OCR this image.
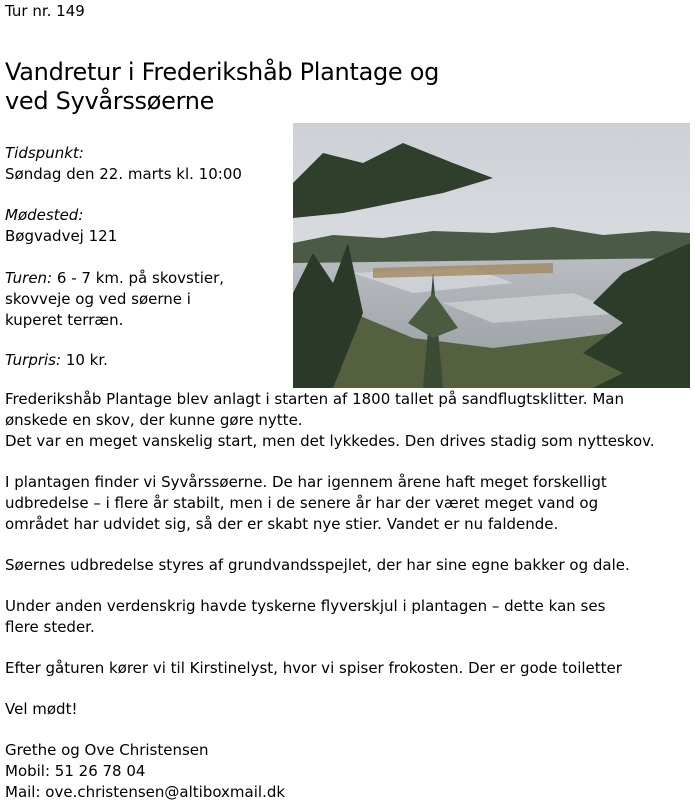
Tur nr. 149
Vandretur i Frederikshåb Plantage og ved Syvårssøerne
Tidspunkt:
Søndag den 22. marts kl. 10:00
Mødested:
Bøgvadvej 121
Turen: 6 - 7 km. på skovstier, skovveje og ved søerne i kuperet terræn.
Turpris: 10 kr.

Frederikshåb Plantage blev anlagt i starten af 1800 tallet på sandflugtsklitter. Man ønskede en skov, der kunne gøre nytte.
Det var en meget vanskelig start, men det lykkedes. Den drives stadig som nytteskov.

I plantagen finder vi Syvårssøerne. De har igennem årene haft meget forskelligt udbredelse – i flere år stabilt, men i de senere år har der været meget vand og området har udvidet sig, så der er skabt nye stier. Vandet er nu faldende.

Søernes udbredelse styres af grundvandsspejlet, der har sine egne bakker og dale.

Under anden verdenskrig havde tyskerne flyverskjul i plantagen – dette kan ses flere steder.

Efter gåturen kører vi til Kirstinelyst, hvor vi spiser frokosten. Der er gode toiletter

Vel mødt!

Grethe og Ove Christensen
Mobil: 51 26 78 04
Mail: ove.christensen@altiboxmail.dk
